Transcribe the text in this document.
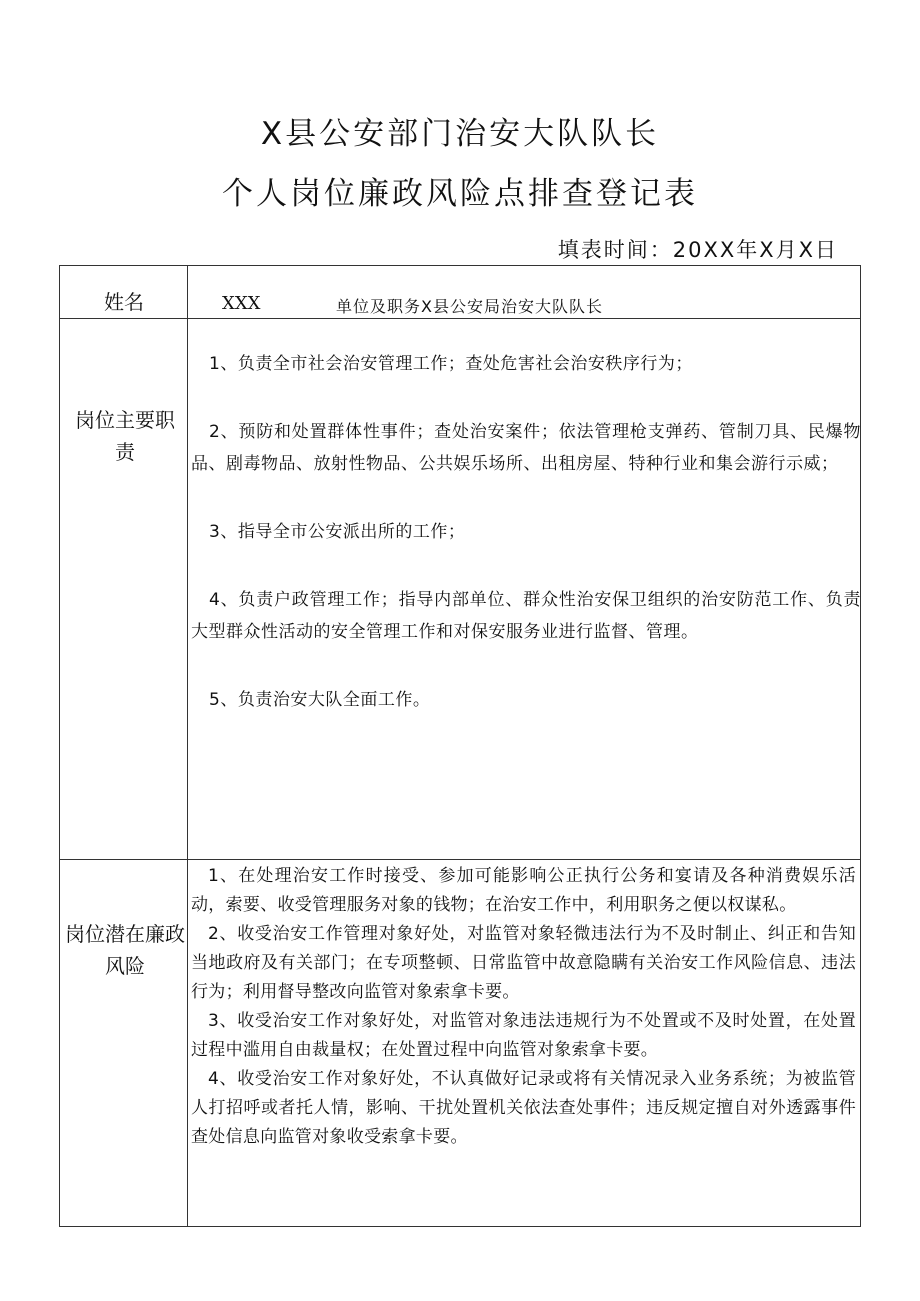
X县公安部门治安大队队长
个人岗位廉政风险点排查登记表
填表时间：20XX年X月X日
姓名	XXX	单位及职务X县公安局治安大队队长
岗位主要职责

1、负责全市社会治安管理工作；查处危害社会治安秩序行为；

2、预防和处置群体性事件；查处治安案件；依法管理枪支弹药、管制刀具、民爆物品、剧毒物品、放射性物品、公共娱乐场所、出租房屋、特种行业和集会游行示威；

3、指导全市公安派出所的工作；

4、负责户政管理工作；指导内部单位、群众性治安保卫组织的治安防范工作、负责大型群众性活动的安全管理工作和对保安服务业进行监督、管理。

5、负责治安大队全面工作。

岗位潜在廉政风险

1、在处理治安工作时接受、参加可能影响公正执行公务和宴请及各种消费娱乐活动，索要、收受管理服务对象的钱物；在治安工作中，利用职务之便以权谋私。

2、收受治安工作管理对象好处，对监管对象轻微违法行为不及时制止、纠正和告知当地政府及有关部门；在专项整顿、日常监管中故意隐瞒有关治安工作风险信息、违法行为；利用督导整改向监管对象索拿卡要。

3、收受治安工作对象好处，对监管对象违法违规行为不处置或不及时处置，在处置过程中滥用自由裁量权；在处置过程中向监管对象索拿卡要。

4、收受治安工作对象好处，不认真做好记录或将有关情况录入业务系统；为被监管人打招呼或者托人情，影响、干扰处置机关依法查处事件；违反规定擅自对外透露事件查处信息向监管对象收受索拿卡要。
